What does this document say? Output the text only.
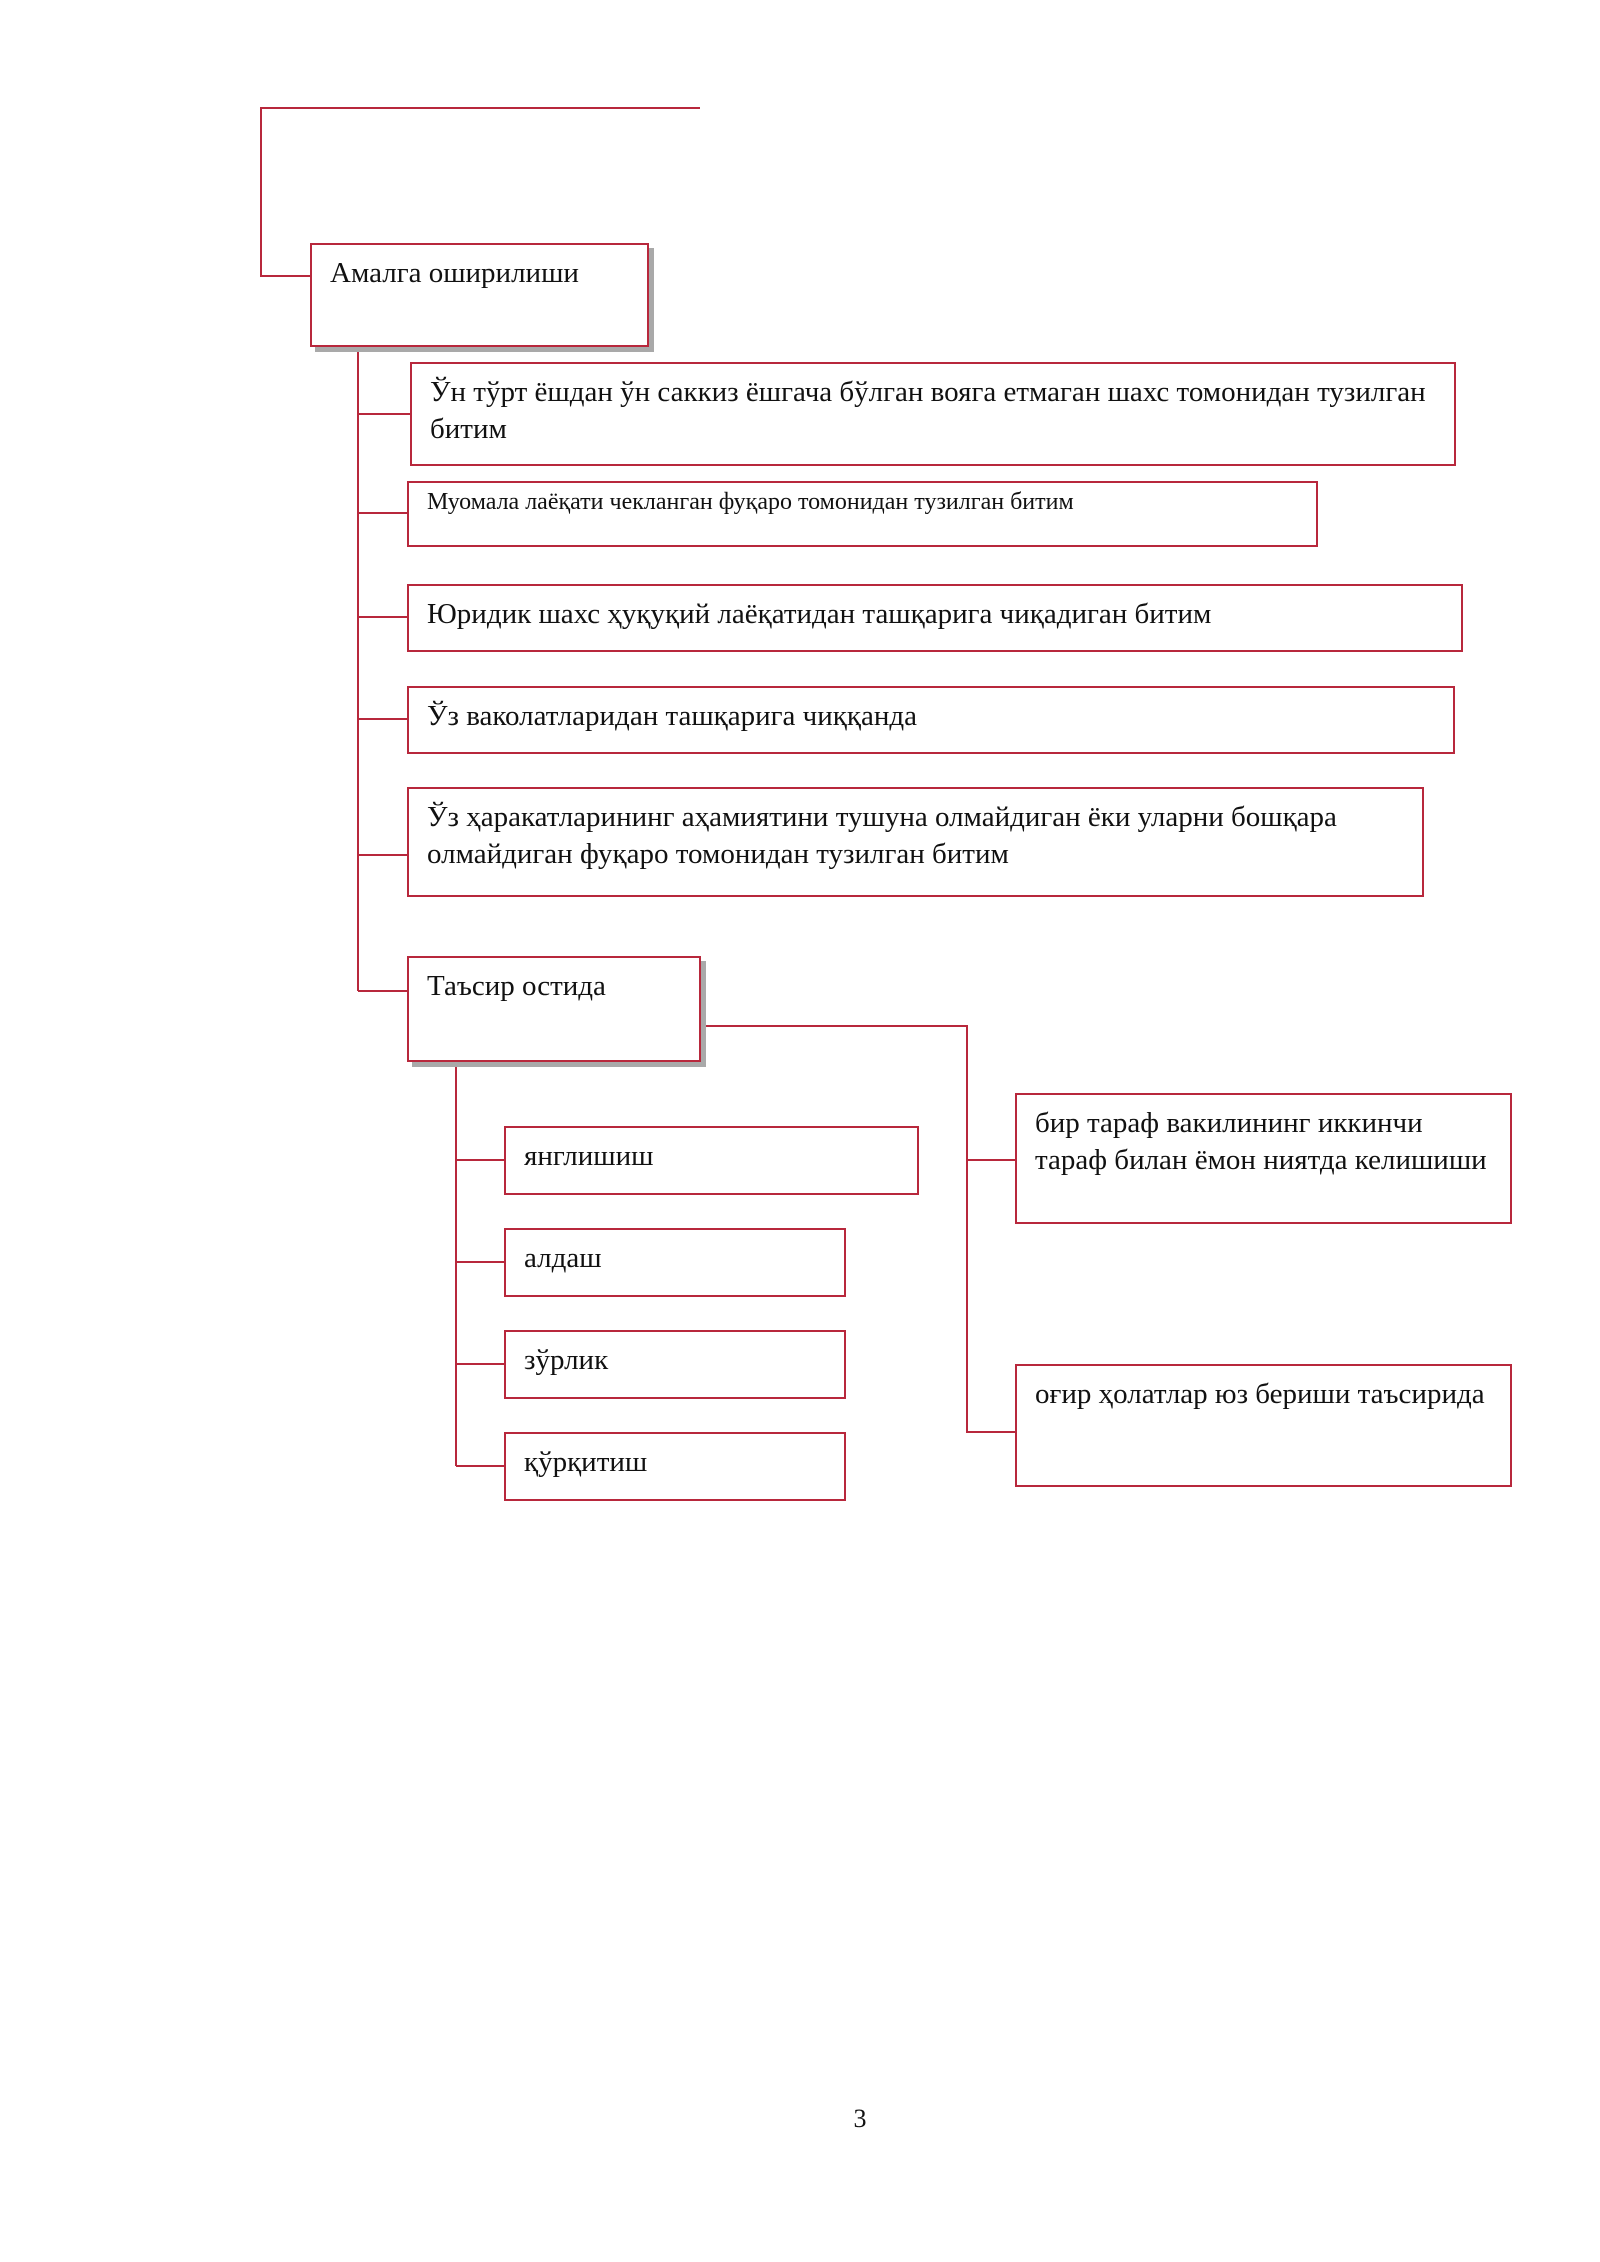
Амалга оширилиши
Ўн тўрт ёшдан ўн саккиз ёшгача бўлган вояга етмаган шахс томонидан тузилган битим
Муомала лаёқати чекланган фуқаро томонидан тузилган битим
Юридик шахс ҳуқуқий лаёқатидан ташқарига чиқадиган битим
Ўз ваколатларидан ташқарига чиққанда
Ўз ҳаракатларининг аҳамиятини тушуна олмайдиган ёки уларни бошқара олмайдиган фуқаро томонидан тузилган битим
Таъсир остида
янглишиш
алдаш
зўрлик
қўрқитиш
бир тараф вакилининг иккинчи тараф билан ёмон ниятда келишиши
оғир ҳолатлар юз бериши таъсирида
3
